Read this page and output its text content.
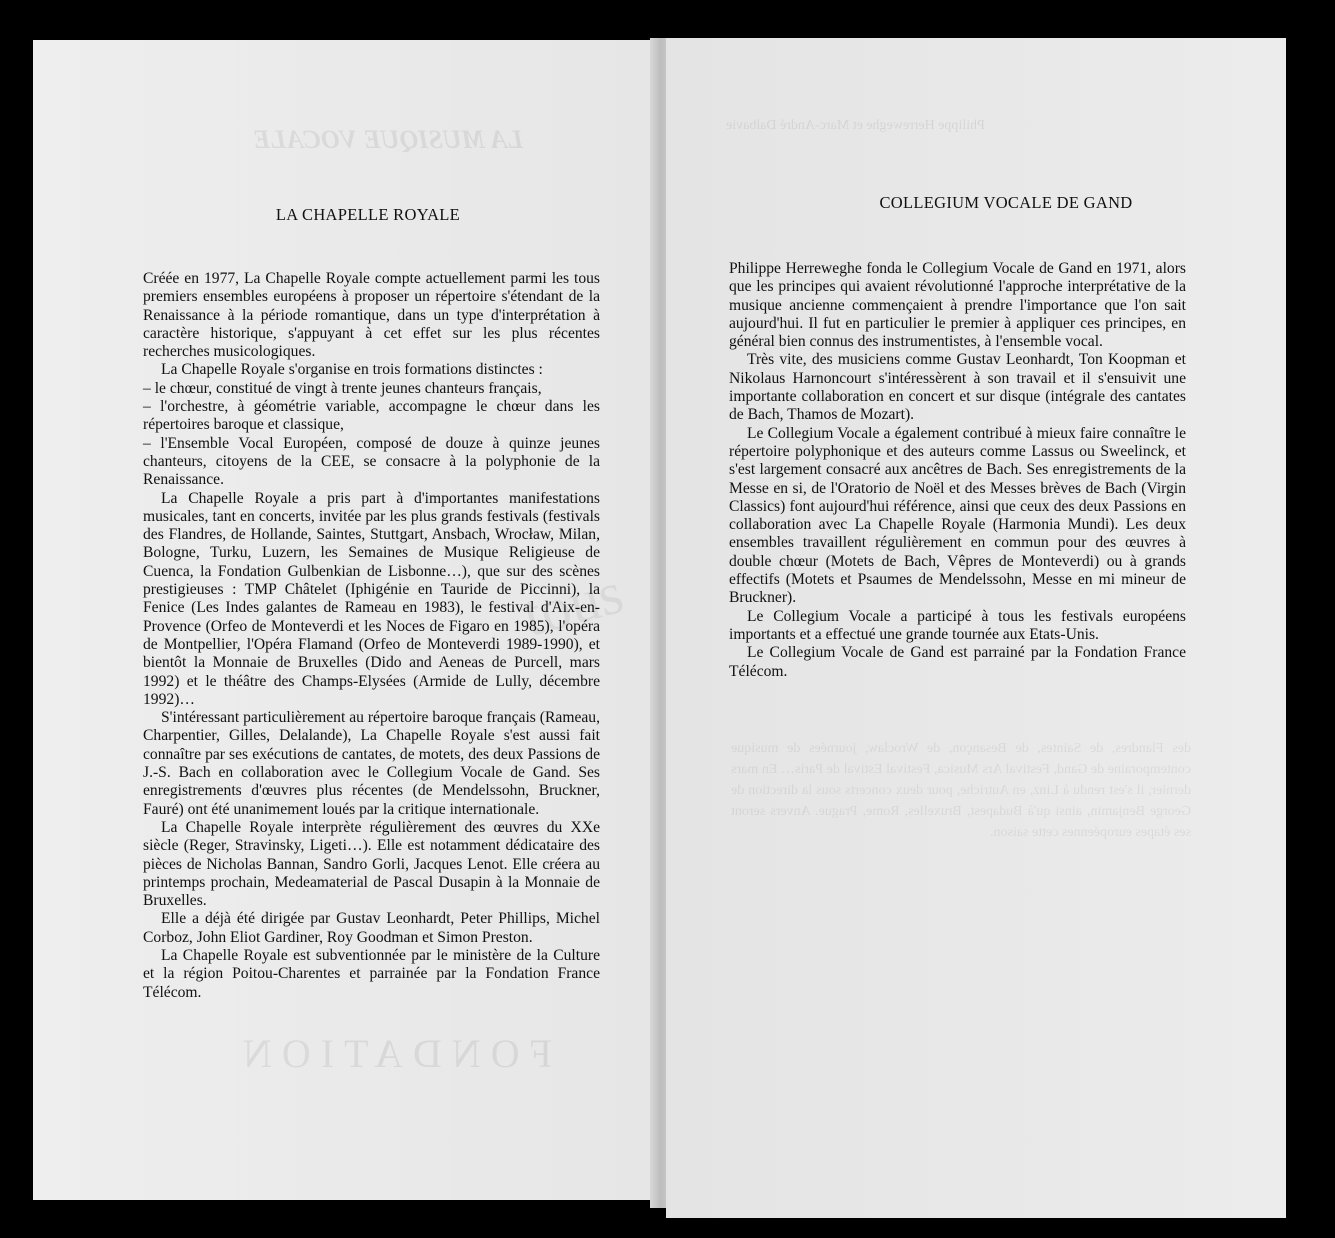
LA MUSIQUE VOCALE
FONDATION
tous
LA CHAPELLE ROYALE

Créée en 1977, La Chapelle Royale compte actuellement parmi les tous premiers ensembles européens à proposer un répertoire s'étendant de la Renaissance à la période romantique, dans un type d'interprétation à caractère historique, s'appuyant à cet effet sur les plus récentes recherches musicologiques.

La Chapelle Royale s'organise en trois formations distinctes :

– le chœur, constitué de vingt à trente jeunes chanteurs français,

– l'orchestre, à géométrie variable, accompagne le chœur dans les répertoires baroque et classique,

– l'Ensemble Vocal Européen, composé de douze à quinze jeunes chanteurs, citoyens de la CEE, se consacre à la polyphonie de la Renaissance.

La Chapelle Royale a pris part à d'importantes manifestations musicales, tant en concerts, invitée par les plus grands festivals (festivals des Flandres, de Hollande, Saintes, Stuttgart, Ansbach, Wrocław, Milan, Bologne, Turku, Luzern, les Semaines de Musique Religieuse de Cuenca, la Fondation Gulbenkian de Lisbonne…), que sur des scènes prestigieuses : TMP Châtelet (Iphigénie en Tauride de Piccinni), la Fenice (Les Indes galantes de Rameau en 1983), le festival d'Aix-en-Provence (Orfeo de Monteverdi et les Noces de Figaro en 1985), l'opéra de Montpellier, l'Opéra Flamand (Orfeo de Monteverdi 1989-1990), et bientôt la Monnaie de Bruxelles (Dido and Aeneas de Purcell, mars 1992) et le théâtre des Champs-Elysées (Armide de Lully, décembre 1992)…

S'intéressant particulièrement au répertoire baroque français (Rameau, Charpentier, Gilles, Delalande), La Chapelle Royale s'est aussi fait connaître par ses exécutions de cantates, de motets, des deux Passions de J.-S. Bach en collaboration avec le Collegium Vocale de Gand. Ses enregistrements d'œuvres plus récentes (de Mendelssohn, Bruckner, Fauré) ont été unanimement loués par la critique internationale.

La Chapelle Royale interprète régulièrement des œuvres du XXe siècle (Reger, Stravinsky, Ligeti…). Elle est notamment dédicataire des pièces de Nicholas Bannan, Sandro Gorli, Jacques Lenot. Elle créera au printemps prochain, Medeamaterial de Pascal Dusapin à la Monnaie de Bruxelles.

Elle a déjà été dirigée par Gustav Leonhardt, Peter Phillips, Michel Corboz, John Eliot Gardiner, Roy Goodman et Simon Preston.

La Chapelle Royale est subventionnée par le ministère de la Culture et la région Poitou-Charentes et parrainée par la Fondation France Télécom.

Philippe Herreweghe et Marc-André Dalbavie
des Flandres, de Saintes, de Besançon, de Wroclaw, journées de musique contemporaine de Gand, Festival Ars Musica, Festival Estival de Paris… En mars dernier, il s'est rendu à Linz, en Autriche, pour deux concerts sous la direction de George Benjamin, ainsi qu'à Budapest, Bruxelles, Rome, Prague. Anvers seront ses étapes européennes cette saison.
COLLEGIUM VOCALE DE GAND

Philippe Herreweghe fonda le Collegium Vocale de Gand en 1971, alors que les principes qui avaient révolutionné l'approche interprétative de la musique ancienne commençaient à prendre l'importance que l'on sait aujourd'hui. Il fut en particulier le premier à appliquer ces principes, en général bien connus des instrumentistes, à l'ensemble vocal.

Très vite, des musiciens comme Gustav Leonhardt, Ton Koopman et Nikolaus Harnoncourt s'intéressèrent à son travail et il s'ensuivit une importante collaboration en concert et sur disque (intégrale des cantates de Bach, Thamos de Mozart).

Le Collegium Vocale a également contribué à mieux faire connaître le répertoire polyphonique et des auteurs comme Lassus ou Sweelinck, et s'est largement consacré aux ancêtres de Bach. Ses enregistrements de la Messe en si, de l'Oratorio de Noël et des Messes brèves de Bach (Virgin Classics) font aujourd'hui référence, ainsi que ceux des deux Passions en collaboration avec La Chapelle Royale (Harmonia Mundi). Les deux ensembles travaillent régulièrement en commun pour des œuvres à double chœur (Motets de Bach, Vêpres de Monteverdi) ou à grands effectifs (Motets et Psaumes de Mendelssohn, Messe en mi mineur de Bruckner).

Le Collegium Vocale a participé à tous les festivals européens importants et a effectué une grande tournée aux Etats-Unis.

Le Collegium Vocale de Gand est parrainé par la Fondation France Télécom.
